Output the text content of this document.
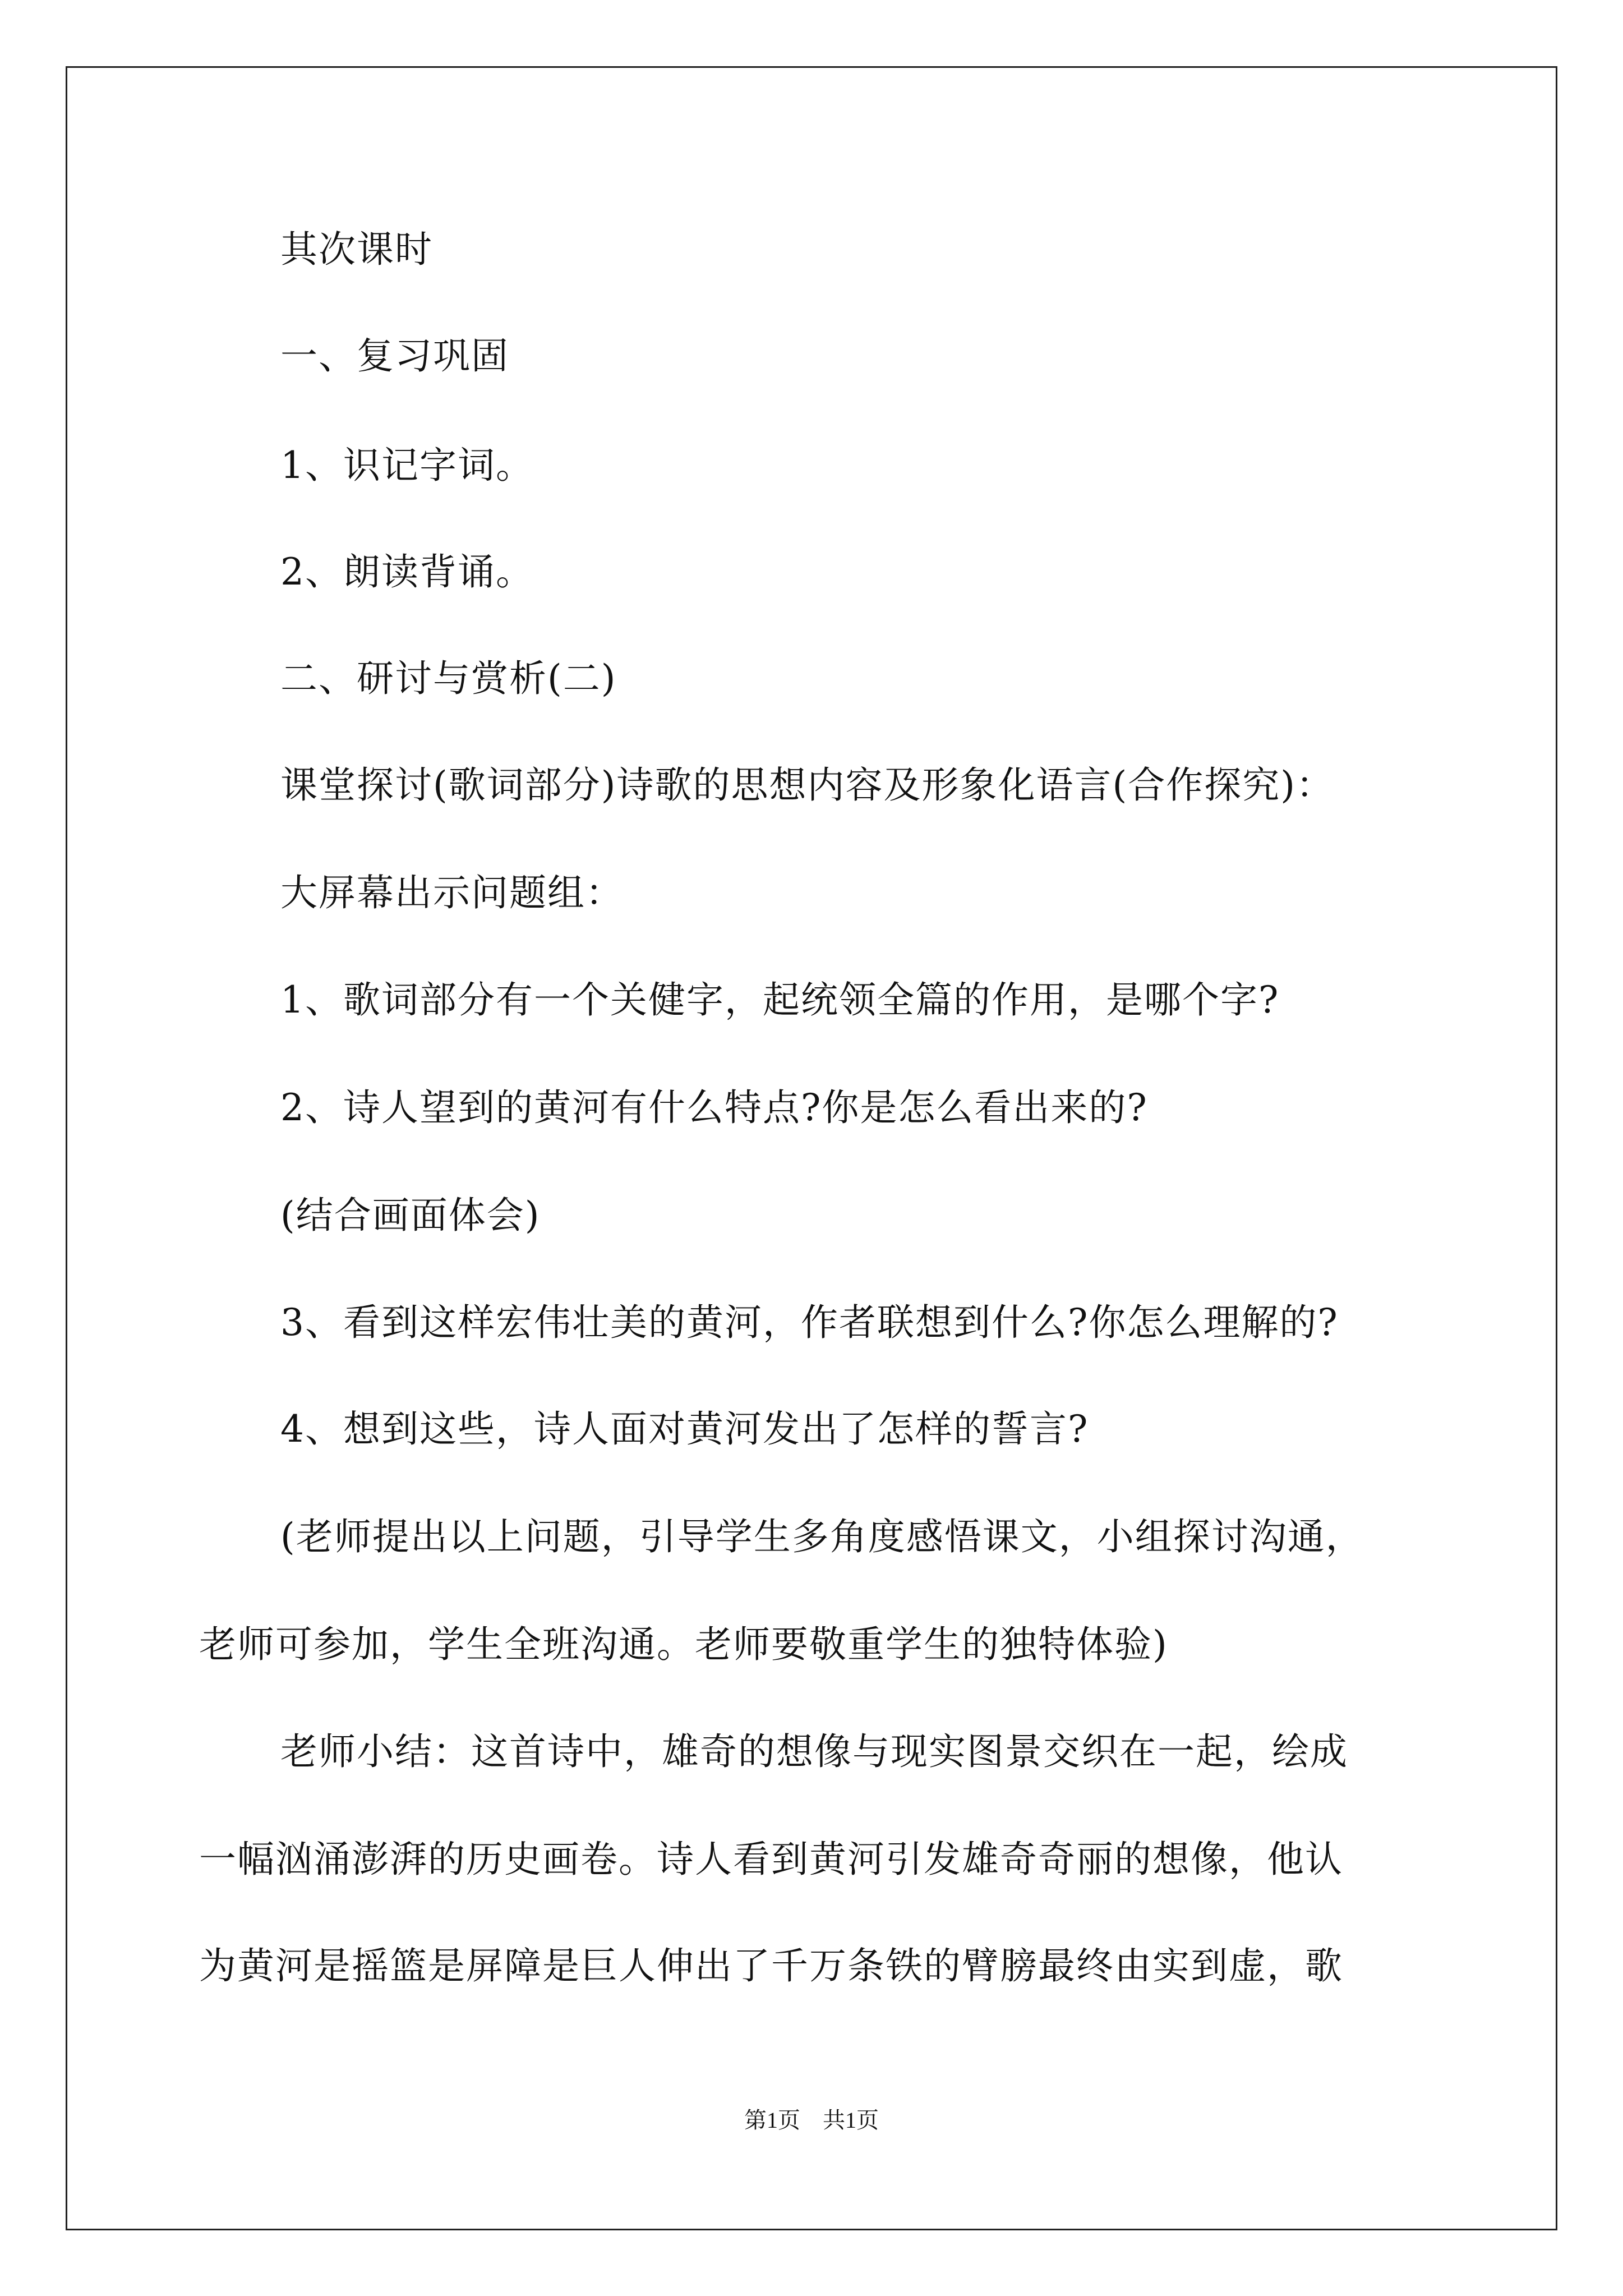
其次课时
一、复习巩固
1、识记字词。
2、朗读背诵。
二、研讨与赏析(二)
课堂探讨(歌词部分)诗歌的思想内容及形象化语言(合作探究)：
大屏幕出示问题组：
1、歌词部分有一个关健字，起统领全篇的作用，是哪个字?
2、诗人望到的黄河有什么特点?你是怎么看出来的?
(结合画面体会)
3、看到这样宏伟壮美的黄河，作者联想到什么?你怎么理解的?
4、想到这些，诗人面对黄河发出了怎样的誓言?
(老师提出以上问题，引导学生多角度感悟课文，小组探讨沟通，
老师可参加，学生全班沟通。老师要敬重学生的独特体验)
老师小结：这首诗中，雄奇的想像与现实图景交织在一起，绘成
一幅汹涌澎湃的历史画卷。诗人看到黄河引发雄奇奇丽的想像，他认
为黄河是摇篮是屏障是巨人伸出了千万条铁的臂膀最终由实到虚，歌
第1页　共1页
